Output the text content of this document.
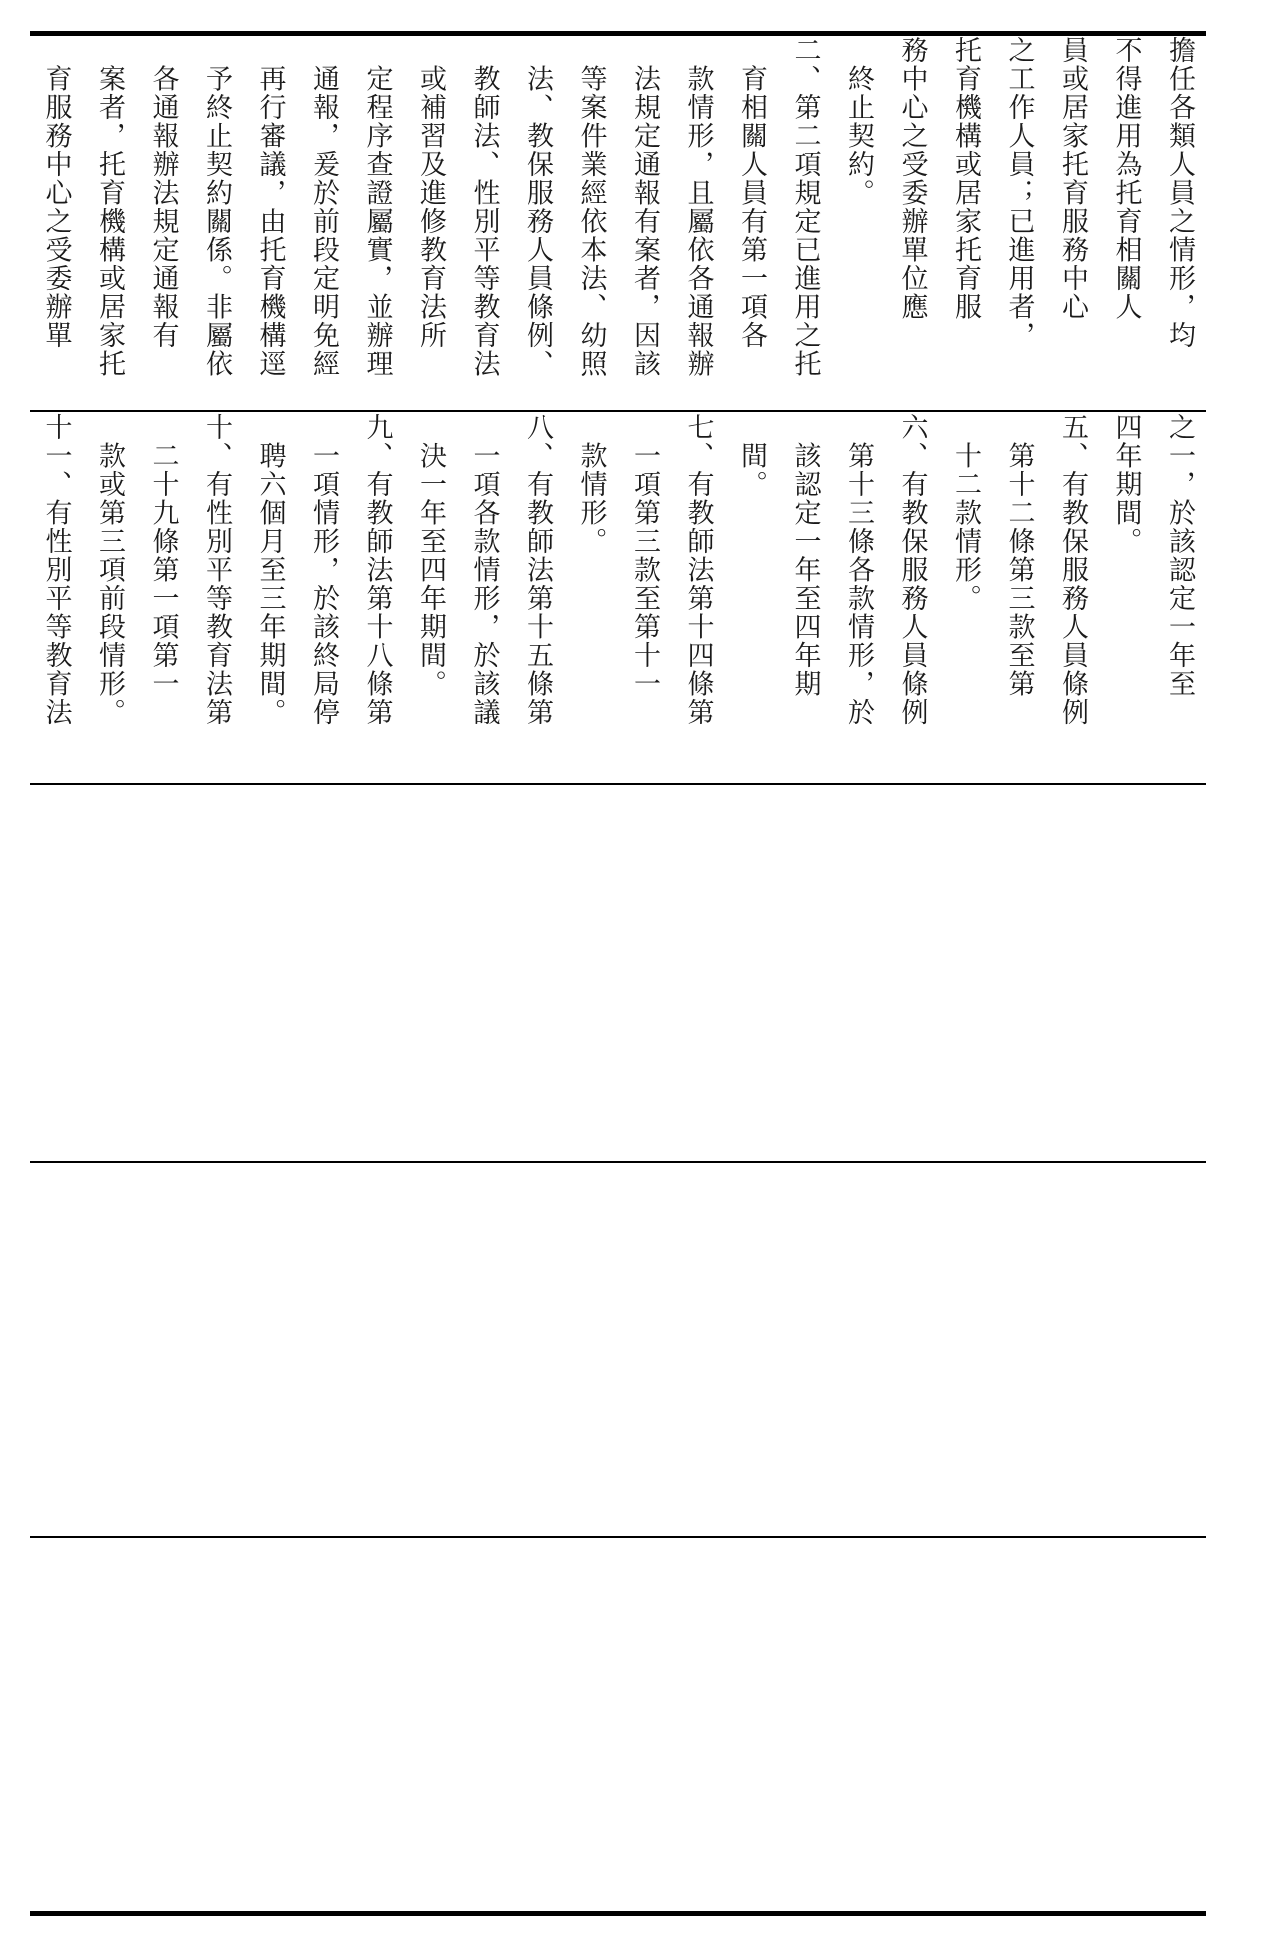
擔任各類人員之情形，均
不得進用為托育相關人
員或居家托育服務中心
之工作人員；已進用者，
托育機構或居家托育服
務中心之受委辦單位應
　終止契約。
二、第二項規定已進用之托
　育相關人員有第一項各
　款情形，且屬依各通報辦
　法規定通報有案者，因該
　等案件業經依本法、幼照
　法、教保服務人員條例、
　教師法、性別平等教育法
　或補習及進修教育法所
　定程序查證屬實，並辦理
　通報，爰於前段定明免經
　再行審議，由托育機構逕
　予終止契約關係。非屬依
　各通報辦法規定通報有
　案者，托育機構或居家托
　育服務中心之受委辦單
之一，於該認定一年至
四年期間。
五、有教保服務人員條例
　第十二條第三款至第
　十二款情形。
六、有教保服務人員條例
　第十三條各款情形，於
　該認定一年至四年期
　間。
七、有教師法第十四條第
　一項第三款至第十一
　款情形。
八、有教師法第十五條第
　一項各款情形，於該議
　決一年至四年期間。
九、有教師法第十八條第
　一項情形，於該終局停
　聘六個月至三年期間。
十、有性別平等教育法第
　二十九條第一項第一
　款或第三項前段情形。
十一、有性別平等教育法
